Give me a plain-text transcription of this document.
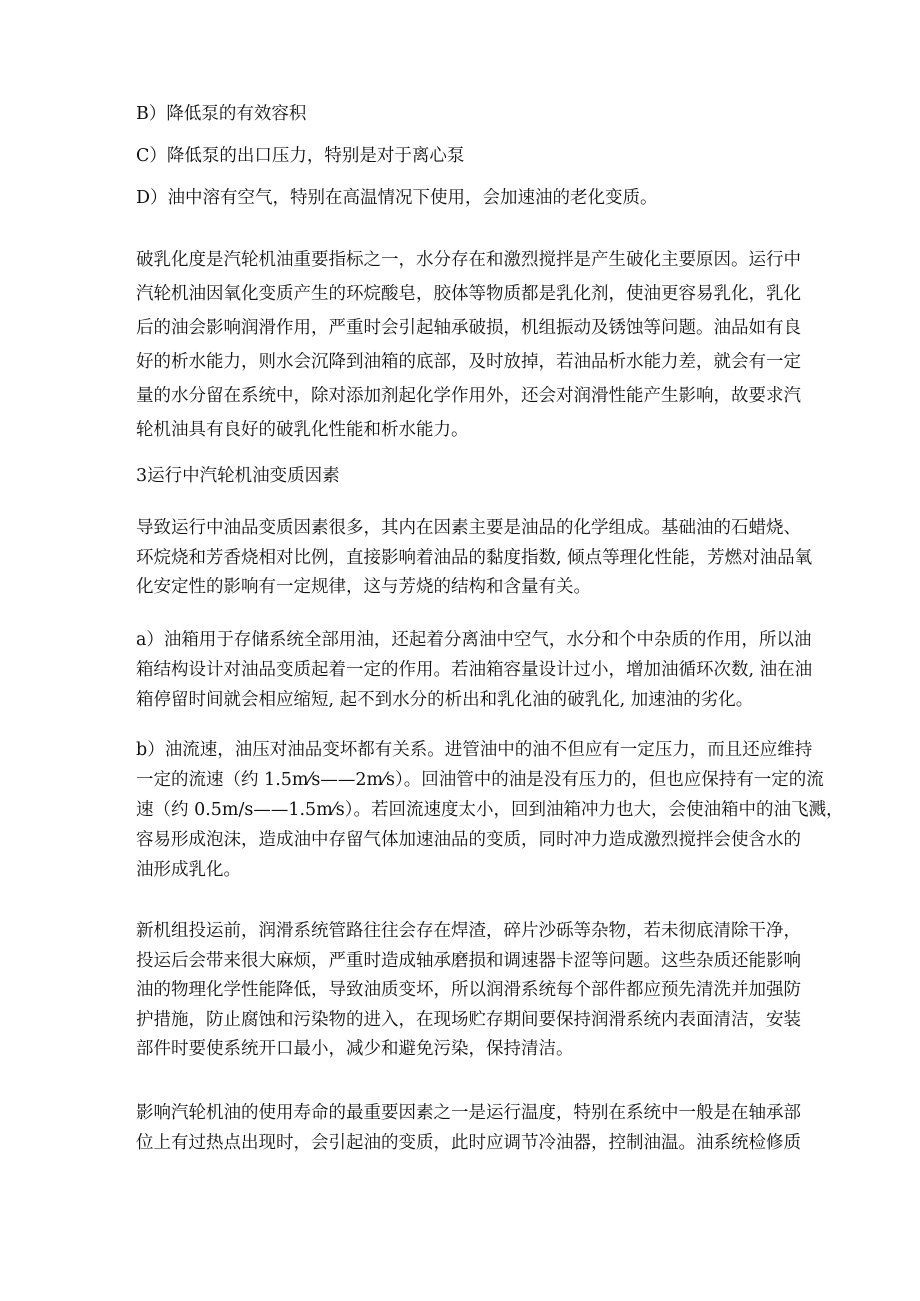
B）降低泵的有效容积
C）降低泵的出口压力，特别是对于离心泵
D）油中溶有空气，特别在高温情况下使用，会加速油的老化变质。
破乳化度是汽轮机油重要指标之一，水分存在和激烈搅拌是产生破化主要原因。运行中
汽轮机油因氧化变质产生的环烷酸皂，胶体等物质都是乳化剂，使油更容易乳化，乳化
后的油会影响润滑作用，严重时会引起轴承破损，机组振动及锈蚀等问题。油品如有良
好的析水能力，则水会沉降到油箱的底部，及时放掉，若油品析水能力差，就会有一定
量的水分留在系统中，除对添加剂起化学作用外，还会对润滑性能产生影响，故要求汽
轮机油具有良好的破乳化性能和析水能力。
3运行中汽轮机油变质因素
导致运行中油品变质因素很多，其内在因素主要是油品的化学组成。基础油的石蜡烧、
环烷烧和芳香烧相对比例，直接影响着油品的黏度指数, 倾点等理化性能，芳燃对油品氧
化安定性的影响有一定规律，这与芳烧的结构和含量有关。
a）油箱用于存储系统全部用油，还起着分离油中空气，水分和个中杂质的作用，所以油
箱结构设计对油品变质起着一定的作用。若油箱容量设计过小，增加油循环次数, 油在油
箱停留时间就会相应缩短, 起不到水分的析出和乳化油的破乳化, 加速油的劣化。
b）油流速，油压对油品变坏都有关系。进管油中的油不但应有一定压力，而且还应维持
一定的流速（约 1.5m⁄s——2m⁄s）。回油管中的油是没有压力的，但也应保持有一定的流
速（约 0.5m/s——1.5m⁄s）。若回流速度太小，回到油箱冲力也大，会使油箱中的油飞溅，
容易形成泡沫，造成油中存留气体加速油品的变质，同时冲力造成激烈搅拌会使含水的
油形成乳化。
新机组投运前，润滑系统管路往往会存在焊渣，碎片沙砾等杂物，若未彻底清除干净，
投运后会带来很大麻烦，严重时造成轴承磨损和调速器卡涩等问题。这些杂质还能影响
油的物理化学性能降低，导致油质变坏，所以润滑系统每个部件都应预先清洗并加强防
护措施，防止腐蚀和污染物的进入，在现场贮存期间要保持润滑系统内表面清洁，安装
部件时要使系统开口最小，减少和避免污染，保持清洁。
影响汽轮机油的使用寿命的最重要因素之一是运行温度，特别在系统中一般是在轴承部
位上有过热点出现时，会引起油的变质，此时应调节冷油器，控制油温。油系统检修质
